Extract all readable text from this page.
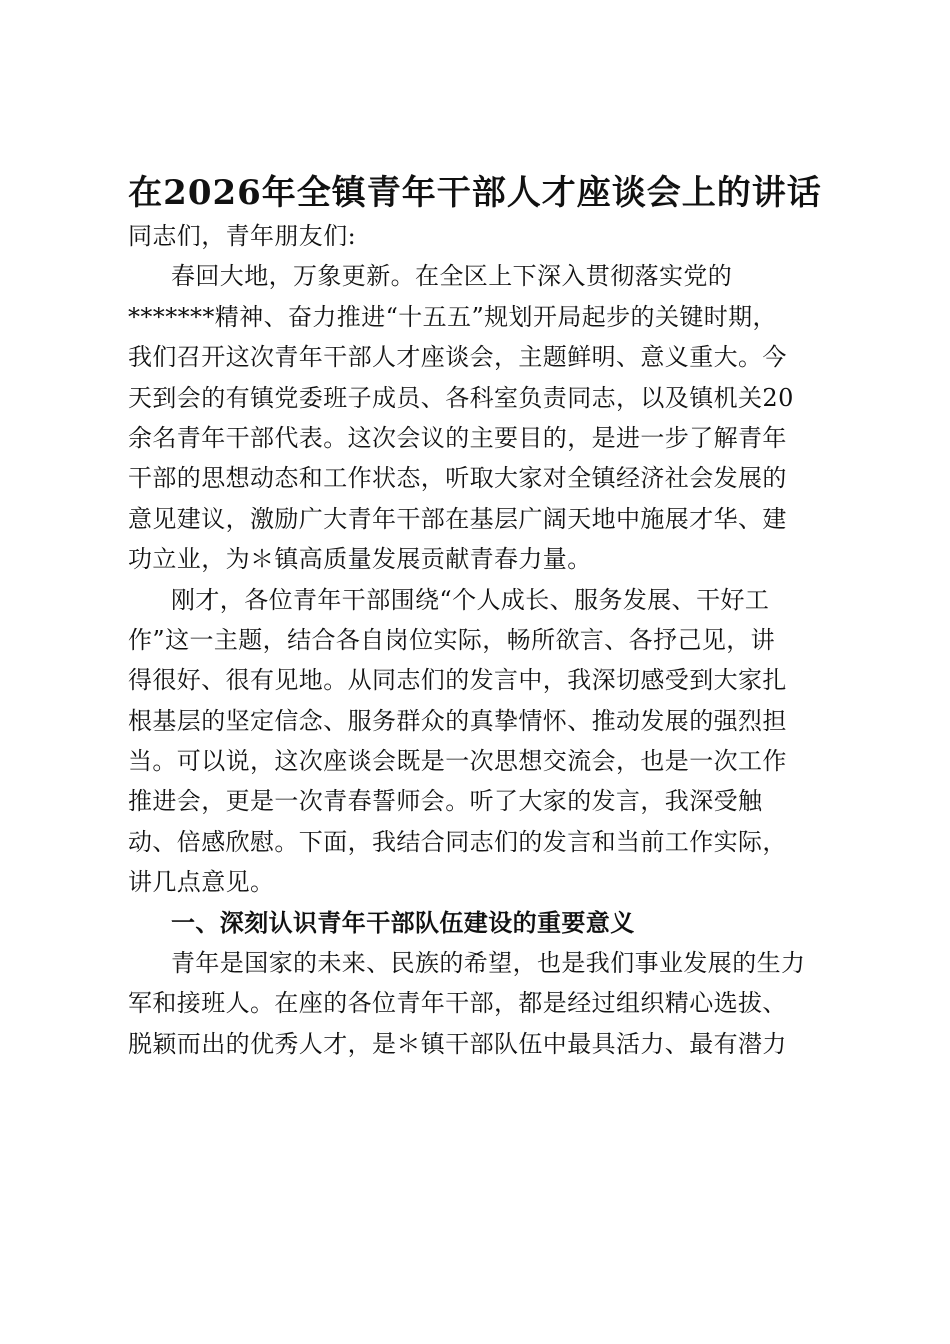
在2026年全镇青年干部人才座谈会上的讲话
同志们，青年朋友们:
春回大地，万象更新。在全区上下深入贯彻落实党的
*******精神、奋力推进“十五五”规划开局起步的关键时期，
我们召开这次青年干部人才座谈会，主题鲜明、意义重大。今
天到会的有镇党委班子成员、各科室负责同志，以及镇机关20
余名青年干部代表。这次会议的主要目的，是进一步了解青年
干部的思想动态和工作状态，听取大家对全镇经济社会发展的
意见建议，激励广大青年干部在基层广阔天地中施展才华、建
功立业，为＊镇高质量发展贡献青春力量。
刚才，各位青年干部围绕“个人成长、服务发展、干好工
作”这一主题，结合各自岗位实际，畅所欲言、各抒己见，讲
得很好、很有见地。从同志们的发言中，我深切感受到大家扎
根基层的坚定信念、服务群众的真挚情怀、推动发展的强烈担
当。可以说，这次座谈会既是一次思想交流会，也是一次工作
推进会，更是一次青春誓师会。听了大家的发言，我深受触
动、倍感欣慰。下面，我结合同志们的发言和当前工作实际，
讲几点意见。
一、深刻认识青年干部队伍建设的重要意义
青年是国家的未来、民族的希望，也是我们事业发展的生力
军和接班人。在座的各位青年干部，都是经过组织精心选拔、
脱颖而出的优秀人才，是＊镇干部队伍中最具活力、最有潜力
